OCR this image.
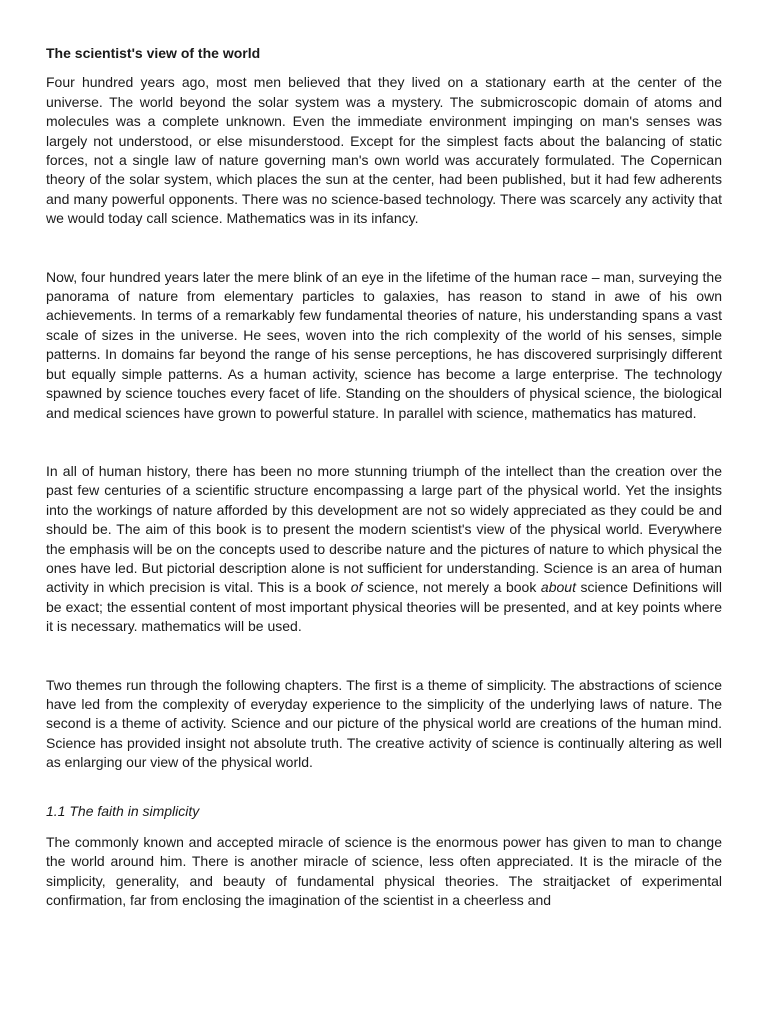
The scientist's view of the world

Four hundred years ago, most men believed that they lived on a stationary earth at the center of the universe. The world beyond the solar system was a mystery. The submicroscopic domain of atoms and molecules was a complete unknown. Even the immediate environment impinging on man's senses was largely not understood, or else misunderstood. Except for the simplest facts about the balancing of static forces, not a single law of nature governing man's own world was accurately formulated. The Copernican theory of the solar system, which places the sun at the center, had been published, but it had few adherents and many powerful opponents. There was no science-based technology. There was scarcely any activity that we would today call science. Mathematics was in its infancy.

Now, four hundred years later the mere blink of an eye in the lifetime of the human race – man, surveying the panorama of nature from elementary particles to galaxies, has reason to stand in awe of his own achievements. In terms of a remarkably few fundamental theories of nature, his understanding spans a vast scale of sizes in the universe. He sees, woven into the rich complexity of the world of his senses, simple patterns. In domains far beyond the range of his sense perceptions, he has discovered surprisingly different but equally simple patterns. As a human activity, science has become a large enterprise. The technology spawned by science touches every facet of life. Standing on the shoulders of physical science, the biological and medical sciences have grown to powerful stature. In parallel with science, mathematics has matured.

In all of human history, there has been no more stunning triumph of the intellect than the creation over the past few centuries of a scientific structure encompassing a large part of the physical world. Yet the insights into the workings of nature afforded by this development are not so widely appreciated as they could be and should be. The aim of this book is to present the modern scientist's view of the physical world. Everywhere the emphasis will be on the concepts used to describe nature and the pictures of nature to which physical the ones have led. But pictorial description alone is not sufficient for understanding. Science is an area of human activity in which precision is vital. This is a book of science, not merely a book about science Definitions will be exact; the essential content of most important physical theories will be presented, and at key points where it is necessary. mathematics will be used.

Two themes run through the following chapters. The first is a theme of simplicity. The abstractions of science have led from the complexity of everyday experience to the simplicity of the underlying laws of nature. The second is a theme of activity. Science and our picture of the physical world are creations of the human mind. Science has provided insight not absolute truth. The creative activity of science is continually altering as well as enlarging our view of the physical world.

1.1 The faith in simplicity

The commonly known and accepted miracle of science is the enormous power has given to man to change the world around him. There is another miracle of science, less often appreciated. It is the miracle of the simplicity, generality, and beauty of fundamental physical theories. The straitjacket of experimental confirmation, far from enclosing the imagination of the scientist in a cheerless and
